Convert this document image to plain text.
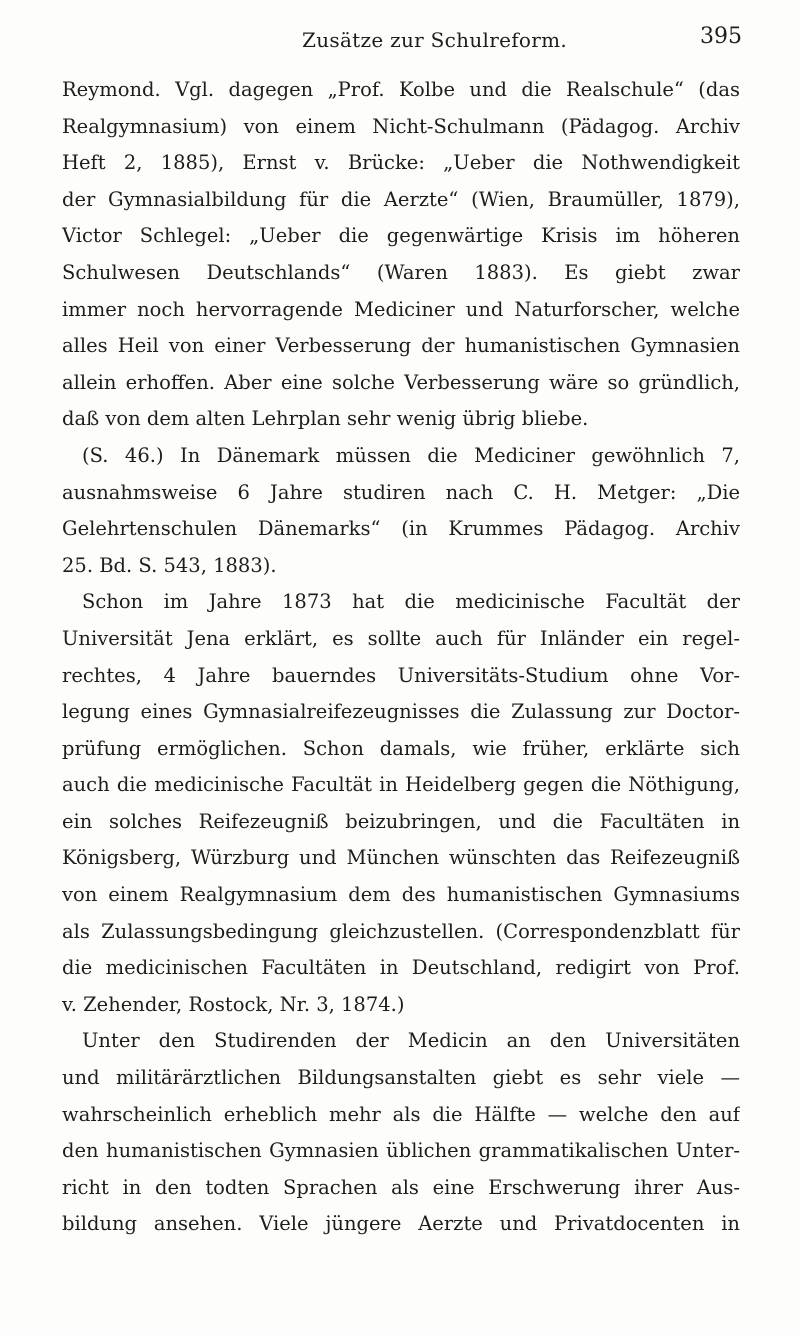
Zusätze zur Schulreform.	395
Reymond. Vgl. dagegen „Prof. Kolbe und die Realschule“ (das
Realgymnasium) von einem Nicht-Schulmann (Pädagog. Archiv
Heft 2, 1885), Ernst v. Brücke: „Ueber die Nothwendigkeit
der Gymnasialbildung für die Aerzte“ (Wien, Braumüller, 1879),
Victor Schlegel: „Ueber die gegenwärtige Krisis im höheren
Schulwesen Deutschlands“ (Waren 1883). Es giebt zwar
immer noch hervorragende Mediciner und Naturforscher, welche
alles Heil von einer Verbesserung der humanistischen Gymnasien
allein erhoffen. Aber eine solche Verbesserung wäre so gründlich,
daß von dem alten Lehrplan sehr wenig übrig bliebe.
(S. 46.) In Dänemark müssen die Mediciner gewöhnlich 7,
ausnahmsweise 6 Jahre studiren nach C. H. Metger: „Die
Gelehrtenschulen Dänemarks“ (in Krummes Pädagog. Archiv
25. Bd. S. 543, 1883).
Schon im Jahre 1873 hat die medicinische Facultät der
Universität Jena erklärt, es sollte auch für Inländer ein regel-
rechtes, 4 Jahre bauerndes Universitäts-Studium ohne Vor-
legung eines Gymnasialreifezeugnisses die Zulassung zur Doctor-
prüfung ermöglichen. Schon damals, wie früher, erklärte sich
auch die medicinische Facultät in Heidelberg gegen die Nöthigung,
ein solches Reifezeugniß beizubringen, und die Facultäten in
Königsberg, Würzburg und München wünschten das Reifezeugniß
von einem Realgymnasium dem des humanistischen Gymnasiums
als Zulassungsbedingung gleichzustellen. (Correspondenzblatt für
die medicinischen Facultäten in Deutschland, redigirt von Prof.
v. Zehender, Rostock, Nr. 3, 1874.)
Unter den Studirenden der Medicin an den Universitäten
und militärärztlichen Bildungsanstalten giebt es sehr viele —
wahrscheinlich erheblich mehr als die Hälfte — welche den auf
den humanistischen Gymnasien üblichen grammatikalischen Unter-
richt in den todten Sprachen als eine Erschwerung ihrer Aus-
bildung ansehen. Viele jüngere Aerzte und Privatdocenten in
